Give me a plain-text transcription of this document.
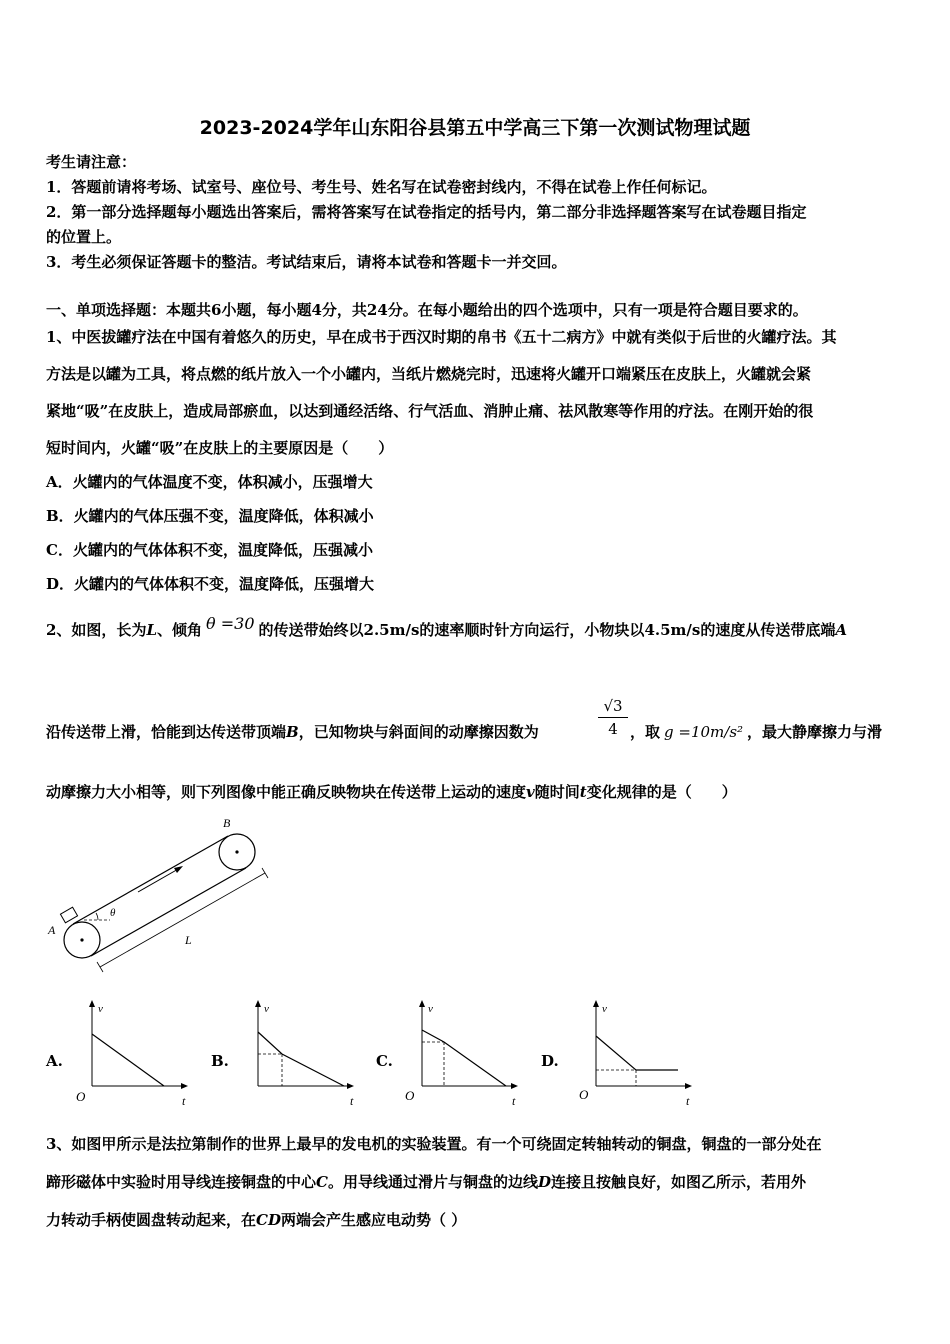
2023-2024学年山东阳谷县第五中学高三下第一次测试物理试题
考生请注意：
1．答题前请将考场、试室号、座位号、考生号、姓名写在试卷密封线内，不得在试卷上作任何标记。
2．第一部分选择题每小题选出答案后，需将答案写在试卷指定的括号内，第二部分非选择题答案写在试卷题目指定
的位置上。
3．考生必须保证答题卡的整洁。考试结束后，请将本试卷和答题卡一并交回。
一、单项选择题：本题共6小题，每小题4分，共24分。在每小题给出的四个选项中，只有一项是符合题目要求的。
1、中医拔罐疗法在中国有着悠久的历史，早在成书于西汉时期的帛书《五十二病方》中就有类似于后世的火罐疗法。其
方法是以罐为工具，将点燃的纸片放入一个小罐内，当纸片燃烧完时，迅速将火罐开口端紧压在皮肤上，火罐就会紧
紧地“吸”在皮肤上，造成局部瘀血，以达到通经活络、行气活血、消肿止痛、祛风散寒等作用的疗法。在刚开始的很
短时间内，火罐“吸”在皮肤上的主要原因是（　　）
A．火罐内的气体温度不变，体积减小，压强增大
B．火罐内的气体压强不变，温度降低，体积减小
C．火罐内的气体体积不变，温度降低，压强减小
D．火罐内的气体体积不变，温度降低，压强增大
2、如图，长为L、倾角 θ =30 的传送带始终以2.5m/s的速率顺时针方向运行，小物块以4.5m/s的速度从传送带底端A
沿传送带上滑，恰能到达传送带顶端B，已知物块与斜面间的动摩擦因数为
√3
4 ，取 g =10m/s² ，最大静摩擦力与滑
动摩擦力大小相等，则下列图像中能正确反映物块在传送带上运动的速度v随时间t变化规律的是（　　）
B
A
θ
L
A.	B.	C.	D.
v
t
O
v
t
v
t
O
v
t
O
3、如图甲所示是法拉第制作的世界上最早的发电机的实验装置。有一个可绕固定转轴转动的铜盘，铜盘的一部分处在
蹄形磁体中实验时用导线连接铜盘的中心C。用导线通过滑片与铜盘的边线D连接且按触良好，如图乙所示，若用外
力转动手柄使圆盘转动起来，在CD两端会产生感应电动势（ ）
